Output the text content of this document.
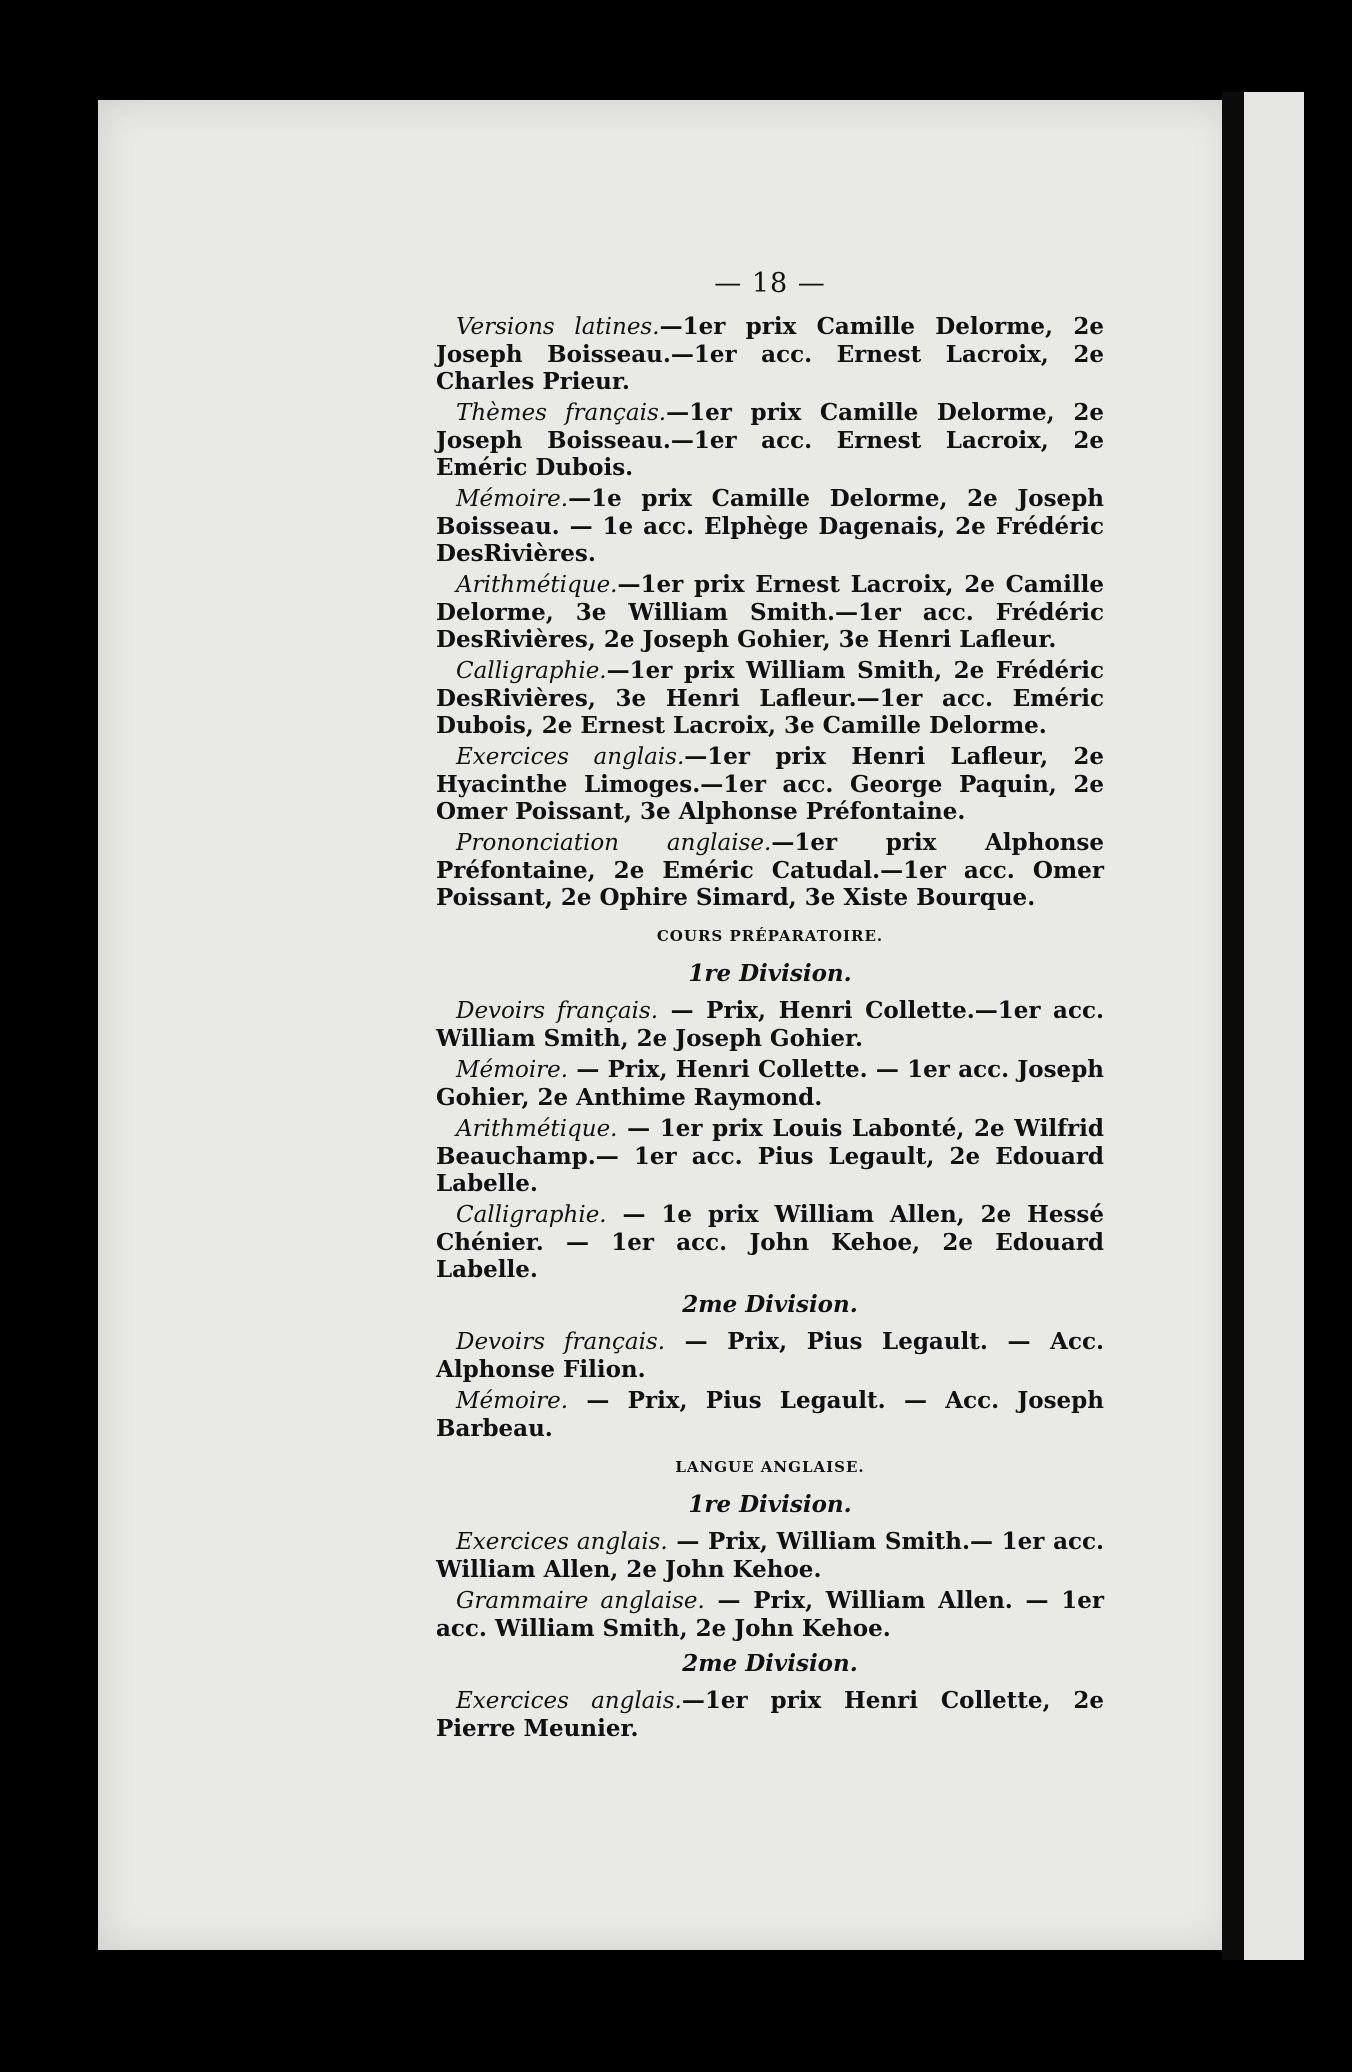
— 18 —

Versions latines.—1er prix Camille Delorme, 2e Joseph Boisseau.—1er acc. Ernest Lacroix, 2e Charles Prieur.

Thèmes français.—1er prix Camille Delorme, 2e Joseph Boisseau.—1er acc. Ernest Lacroix, 2e Eméric Dubois.

Mémoire.—1e prix Camille Delorme, 2e Joseph Boisseau. — 1e acc. Elphège Dagenais, 2e Frédéric DesRivières.

Arithmétique.—1er prix Ernest Lacroix, 2e Camille Delorme, 3e William Smith.—1er acc. Frédéric DesRivières, 2e Joseph Gohier, 3e Henri Lafleur.

Calligraphie.—1er prix William Smith, 2e Frédéric DesRivières, 3e Henri Lafleur.—1er acc. Eméric Dubois, 2e Ernest Lacroix, 3e Camille Delorme.

Exercices anglais.—1er prix Henri Lafleur, 2e Hyacinthe Limoges.—1er acc. George Paquin, 2e Omer Poissant, 3e Alphonse Préfontaine.

Prononciation anglaise.—1er prix Alphonse Préfontaine, 2e Eméric Catudal.—1er acc. Omer Poissant, 2e Ophire Simard, 3e Xiste Bourque.

COURS PRÉPARATOIRE.
1re Division.

Devoirs français. — Prix, Henri Collette.—1er acc. William Smith, 2e Joseph Gohier.

Mémoire. — Prix, Henri Collette. — 1er acc. Joseph Gohier, 2e Anthime Raymond.

Arithmétique. — 1er prix Louis Labonté, 2e Wilfrid Beauchamp.— 1er acc. Pius Legault, 2e Edouard Labelle.

Calligraphie. — 1e prix William Allen, 2e Hessé Chénier. — 1er acc. John Kehoe, 2e Edouard Labelle.

2me Division.

Devoirs français. — Prix, Pius Legault. — Acc. Alphonse Filion.

Mémoire. — Prix, Pius Legault. — Acc. Joseph Barbeau.

LANGUE ANGLAISE.
1re Division.

Exercices anglais. — Prix, William Smith.— 1er acc. William Allen, 2e John Kehoe.

Grammaire anglaise. — Prix, William Allen. — 1er acc. William Smith, 2e John Kehoe.

2me Division.

Exercices anglais.—1er prix Henri Collette, 2e Pierre Meunier.
